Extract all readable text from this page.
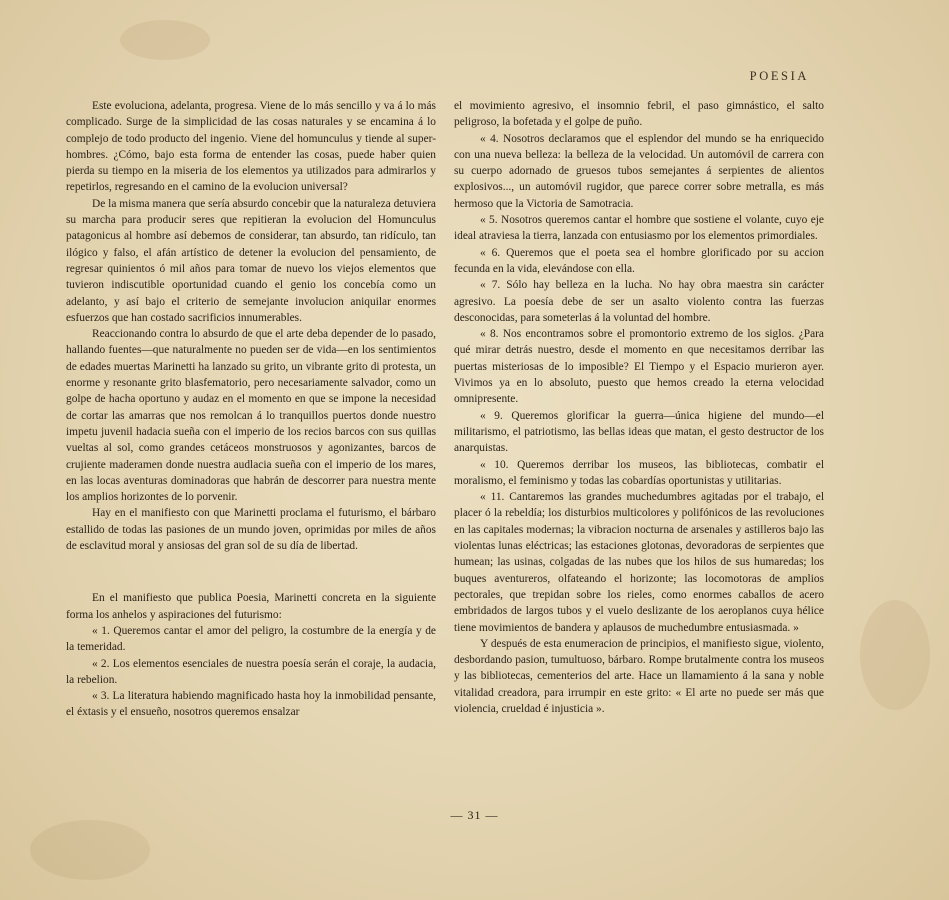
POESIA

Este evoluciona, adelanta, progresa. Viene de lo más sencillo y va á lo más complicado. Surge de la simplicidad de las cosas naturales y se encamina á lo complejo de todo producto del ingenio. Viene del homunculus y tiende al super-hombres. ¿Cómo, bajo esta forma de entender las cosas, puede haber quien pierda su tiempo en la miseria de los elementos ya utilizados para admirarlos y repetirlos, regresando en el camino de la evolucion universal?

De la misma manera que sería absurdo concebir que la naturaleza detuviera su marcha para producir seres que repitieran la evolucion del Homunculus patagonicus al hombre así debemos de considerar, tan absurdo, tan ridículo, tan ilógico y falso, el afán artístico de detener la evolucion del pensamiento, de regresar quinientos ó mil años para tomar de nuevo los viejos elementos que tuvieron indiscutible oportunidad cuando el genio los concebía como un adelanto, y así bajo el criterio de semejante involucion aniquilar enormes esfuerzos que han costado sacrificios innumerables.

Reaccionando contra lo absurdo de que el arte deba depender de lo pasado, hallando fuentes—que naturalmente no pueden ser de vida—en los sentimientos de edades muertas Marinetti ha lanzado su grito, un vibrante grito di protesta, un enorme y resonante grito blasfematorio, pero necesariamente salvador, como un golpe de hacha oportuno y audaz en el momento en que se impone la necesidad de cortar las amarras que nos remolcan á lo tranquillos puertos donde nuestro impetu juvenil hadacia sueña con el imperio de los recios barcos con sus quillas vueltas al sol, como grandes cetáceos monstruosos y agonizantes, barcos de crujiente maderamen donde nuestra audlacia sueña con el imperio de los mares, en las locas aventuras dominadoras que habrán de descorrer para nuestra mente los amplios horizontes de lo porvenir.

Hay en el manifiesto con que Marinetti proclama el futurismo, el bárbaro estallido de todas las pasiones de un mundo joven, oprimidas por miles de años de esclavitud moral y ansiosas del gran sol de su día de libertad.

En el manifiesto que publica Poesia, Marinetti concreta en la siguiente forma los anhelos y aspiraciones del futurismo:

« 1. Queremos cantar el amor del peligro, la costumbre de la energía y de la temeridad.

« 2. Los elementos esenciales de nuestra poesía serán el coraje, la audacia, la rebelion.

« 3. La literatura habiendo magnificado hasta hoy la inmobilidad pensante, el éxtasis y el ensueño, nosotros queremos ensalzar

el movimiento agresivo, el insomnio febril, el paso gimnástico, el salto peligroso, la bofetada y el golpe de puño.

« 4. Nosotros declaramos que el esplendor del mundo se ha enriquecido con una nueva belleza: la belleza de la velocidad. Un automóvil de carrera con su cuerpo adornado de gruesos tubos semejantes á serpientes de alientos explosivos..., un automóvil rugidor, que parece correr sobre metralla, es más hermoso que la Victoria de Samotracia.

« 5. Nosotros queremos cantar el hombre que sostiene el volante, cuyo eje ideal atraviesa la tierra, lanzada con entusiasmo por los elementos primordiales.

« 6. Queremos que el poeta sea el hombre glorificado por su accion fecunda en la vida, elevándose con ella.

« 7. Sólo hay belleza en la lucha. No hay obra maestra sin carácter agresivo. La poesía debe de ser un asalto violento contra las fuerzas desconocidas, para someterlas á la voluntad del hombre.

« 8. Nos encontramos sobre el promontorio extremo de los siglos. ¿Para qué mirar detrás nuestro, desde el momento en que necesitamos derribar las puertas misteriosas de lo imposible? El Tiempo y el Espacio murieron ayer. Vivimos ya en lo absoluto, puesto que hemos creado la eterna velocidad omnipresente.

« 9. Queremos glorificar la guerra—única higiene del mundo—el militarismo, el patriotismo, las bellas ideas que matan, el gesto destructor de los anarquistas.

« 10. Queremos derribar los museos, las bibliotecas, combatir el moralismo, el feminismo y todas las cobardías oportunistas y utilitarias.

« 11. Cantaremos las grandes muchedumbres agitadas por el trabajo, el placer ó la rebeldía; los disturbios multicolores y polifónicos de las revoluciones en las capitales modernas; la vibracion nocturna de arsenales y astilleros bajo las violentas lunas eléctricas; las estaciones glotonas, devoradoras de serpientes que humean; las usinas, colgadas de las nubes que los hilos de sus humaredas; los buques aventureros, olfateando el horizonte; las locomotoras de amplios pectorales, que trepidan sobre los rieles, como enormes caballos de acero embridados de largos tubos y el vuelo deslizante de los aeroplanos cuya hélice tiene movimientos de bandera y aplausos de muchedumbre entusiasmada. »

Y después de esta enumeracion de principios, el manifiesto sigue, violento, desbordando pasion, tumultuoso, bárbaro. Rompe brutalmente contra los museos y las bibliotecas, cementerios del arte. Hace un llamamiento á la sana y noble vitalidad creadora, para irrumpir en este grito: « El arte no puede ser más que violencia, crueldad é injusticia ».

— 31 —
